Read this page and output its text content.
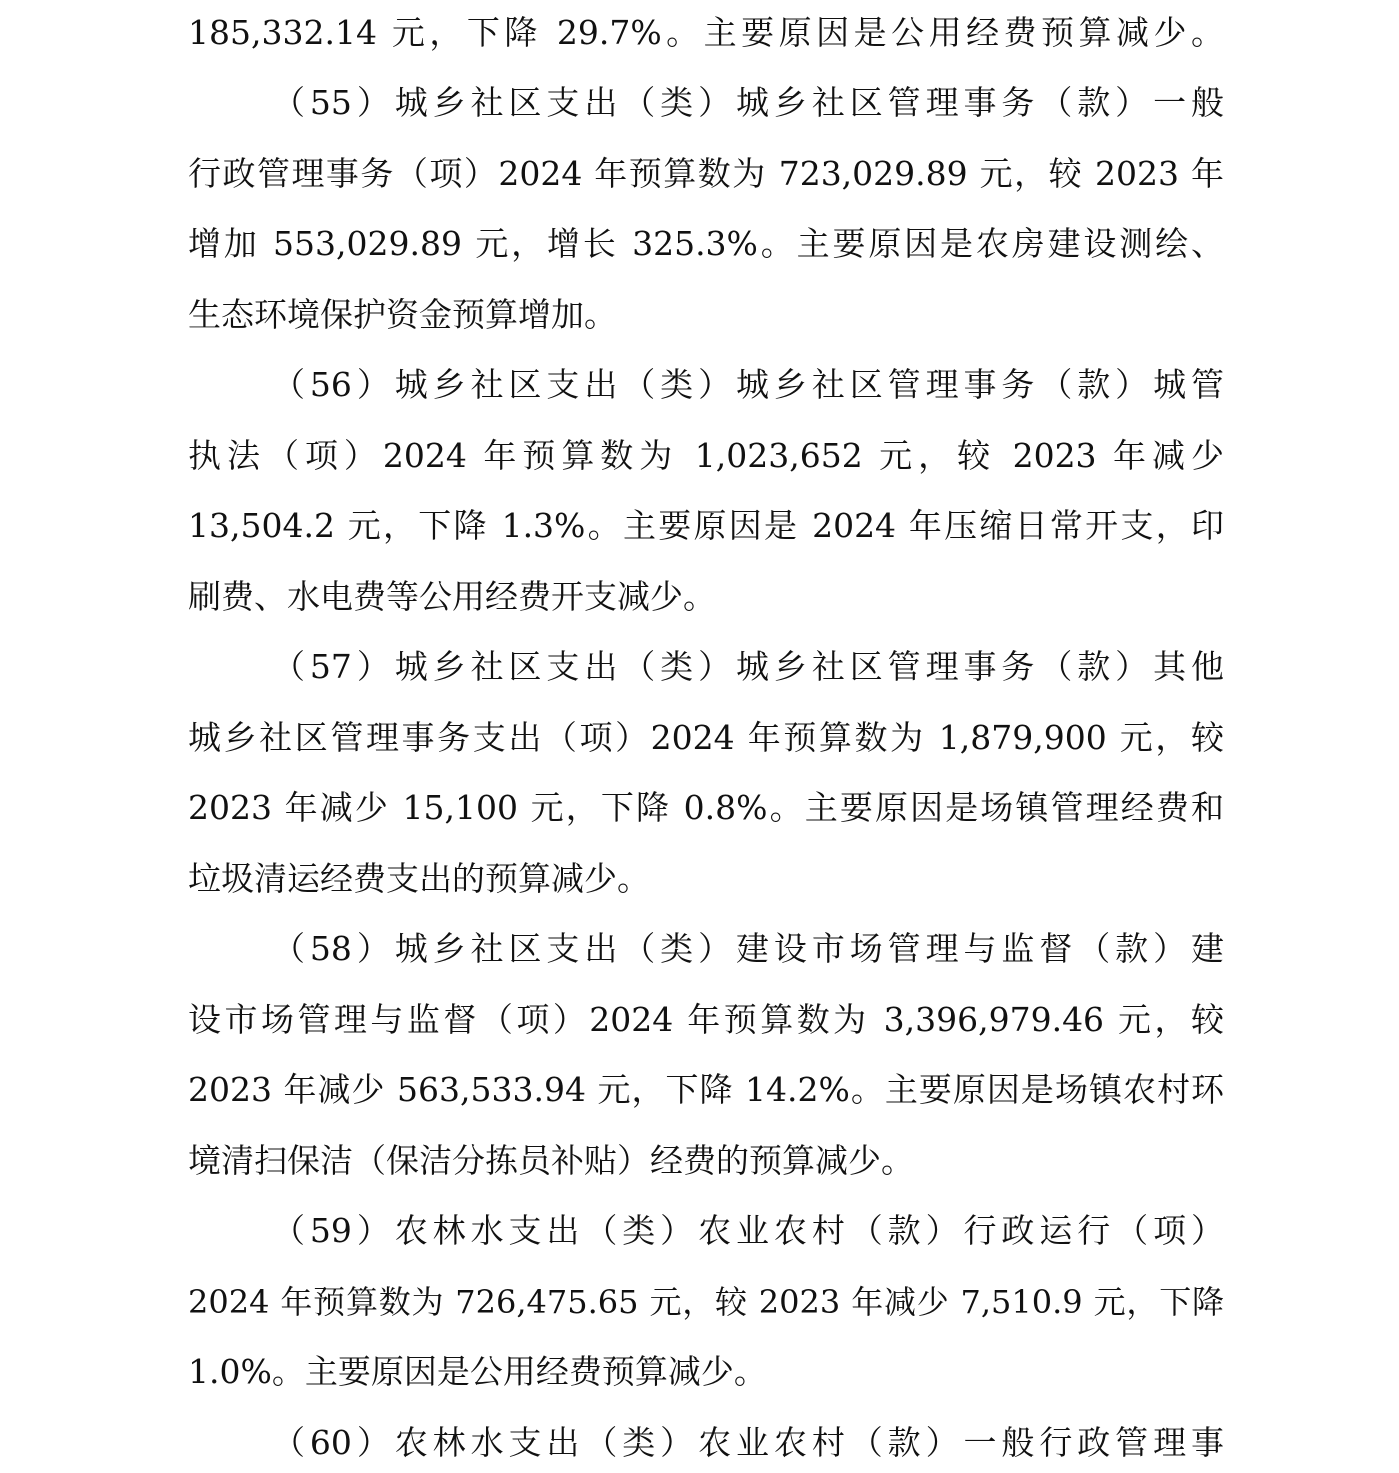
185,332.14 元，下降 29.7%。主要原因是公用经费预算减少。
（55）城乡社区支出（类）城乡社区管理事务（款）一般
行政管理事务（项）2024 年预算数为 723,029.89 元，较 2023 年
增加 553,029.89 元，增长 325.3%。主要原因是农房建设测绘、
生态环境保护资金预算增加。
（56）城乡社区支出（类）城乡社区管理事务（款）城管
执法（项）2024 年预算数为 1,023,652 元，较 2023 年减少
13,504.2 元，下降 1.3%。主要原因是 2024 年压缩日常开支，印
刷费、水电费等公用经费开支减少。
（57）城乡社区支出（类）城乡社区管理事务（款）其他
城乡社区管理事务支出（项）2024 年预算数为 1,879,900 元，较
2023 年减少 15,100 元，下降 0.8%。主要原因是场镇管理经费和
垃圾清运经费支出的预算减少。
（58）城乡社区支出（类）建设市场管理与监督（款）建
设市场管理与监督（项）2024 年预算数为 3,396,979.46 元，较
2023 年减少 563,533.94 元，下降 14.2%。主要原因是场镇农村环
境清扫保洁（保洁分拣员补贴）经费的预算减少。
（59）农林水支出（类）农业农村（款）行政运行（项）
2024 年预算数为 726,475.65 元，较 2023 年减少 7,510.9 元，下降
1.0%。主要原因是公用经费预算减少。
（60）农林水支出（类）农业农村（款）一般行政管理事
